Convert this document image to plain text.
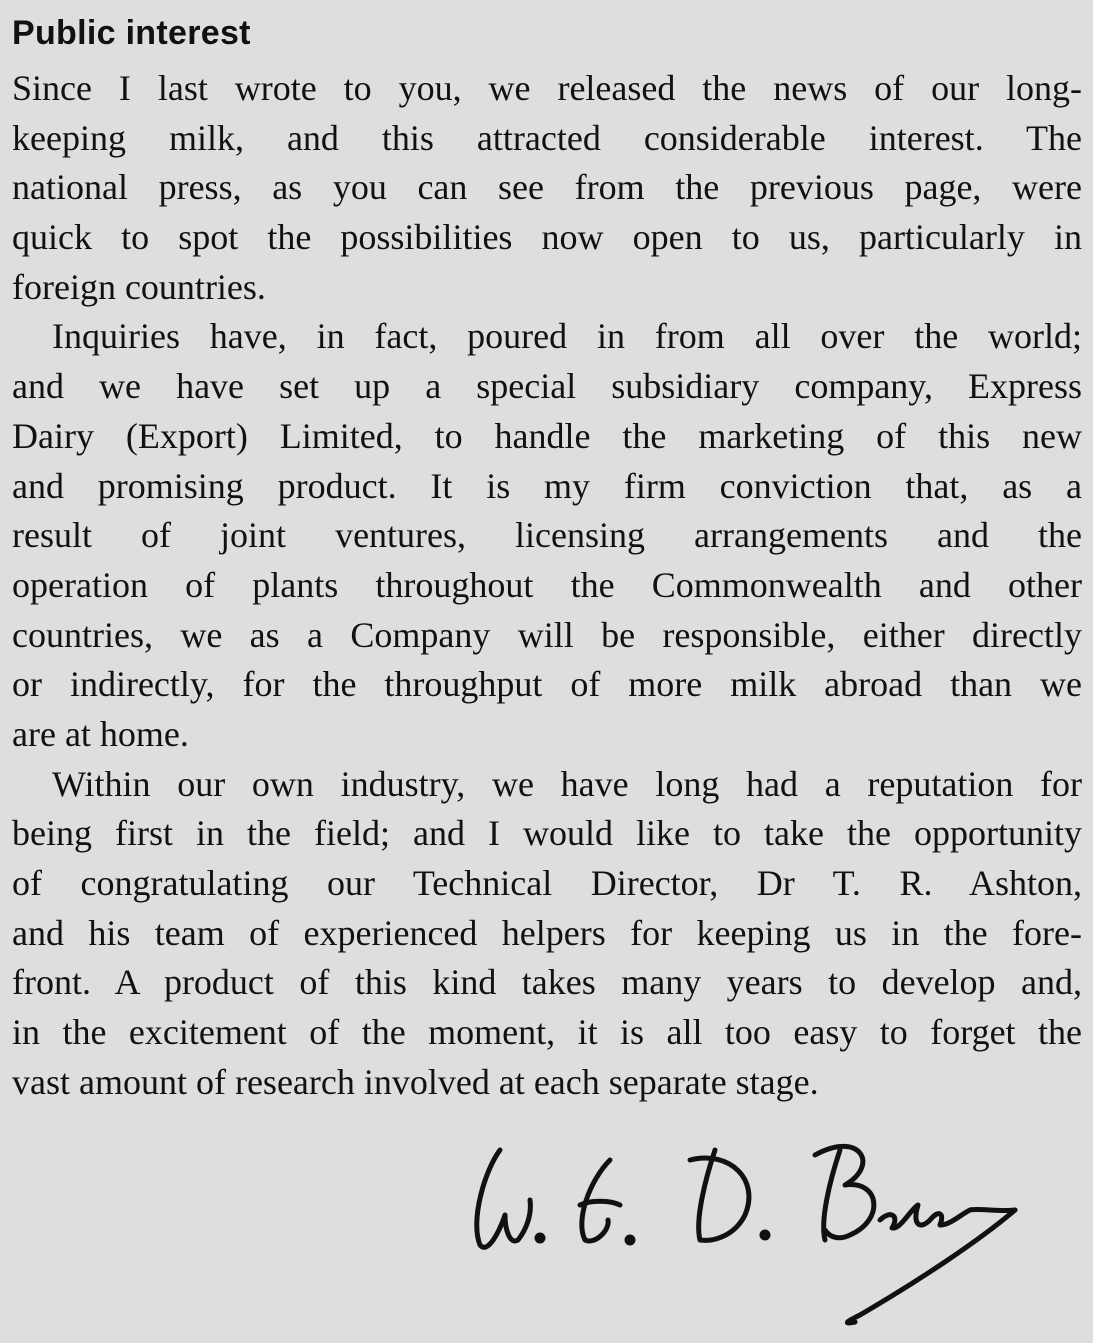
Public interest
Since I last wrote to you, we released the news of our long-
keeping milk, and this attracted considerable interest. The
national press, as you can see from the previous page, were
quick to spot the possibilities now open to us, particularly in
foreign countries.
Inquiries have, in fact, poured in from all over the world;
and we have set up a special subsidiary company, Express
Dairy (Export) Limited, to handle the marketing of this new
and promising product. It is my firm conviction that, as a
result of joint ventures, licensing arrangements and the
operation of plants throughout the Commonwealth and other
countries, we as a Company will be responsible, either directly
or indirectly, for the throughput of more milk abroad than we
are at home.
Within our own industry, we have long had a reputation for
being first in the field; and I would like to take the opportunity
of congratulating our Technical Director, Dr T. R. Ashton,
and his team of experienced helpers for keeping us in the fore-
front. A product of this kind takes many years to develop and,
in the excitement of the moment, it is all too easy to forget the
vast amount of research involved at each separate stage.
